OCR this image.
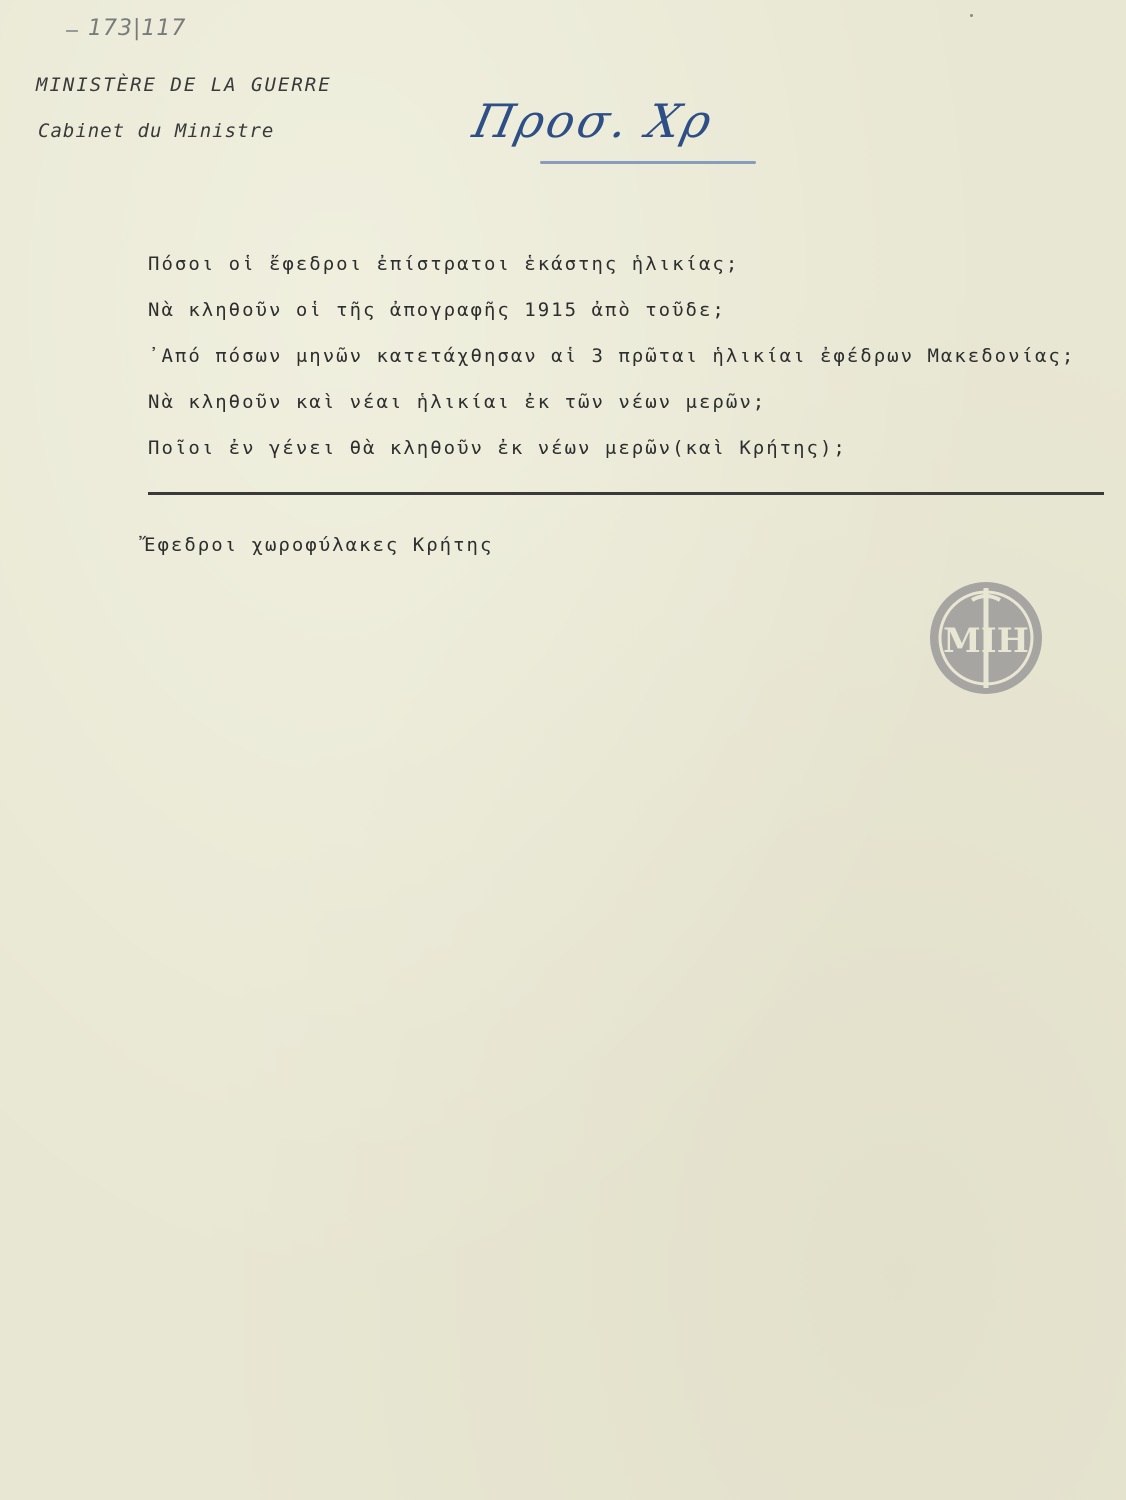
173|117
MINISTÈRE DE LA GUERRE
Cabinet du Ministre	Προσ. Χρ
Πόσοι οἱ ἔφεδροι ἐπίστρατοι ἑκάστης ἡλικίας;
Νὰ κληθοῦν οἱ τῆς ἀπογραφῆς 1915 ἀπὸ τοῦδε;
᾽Από πόσων μηνῶν κατετάχθησαν αἱ 3 πρῶται ἡλικίαι ἐφέδρων Μακεδονίας;
Νὰ κληθοῦν καὶ νέαι ἡλικίαι ἐκ τῶν νέων μερῶν;
Ποῖοι ἐν γένει θὰ κληθοῦν ἐκ νέων μερῶν(καὶ Κρήτης);
Ἔφεδροι χωροφύλακες Κρήτης
ΜΙΗ
